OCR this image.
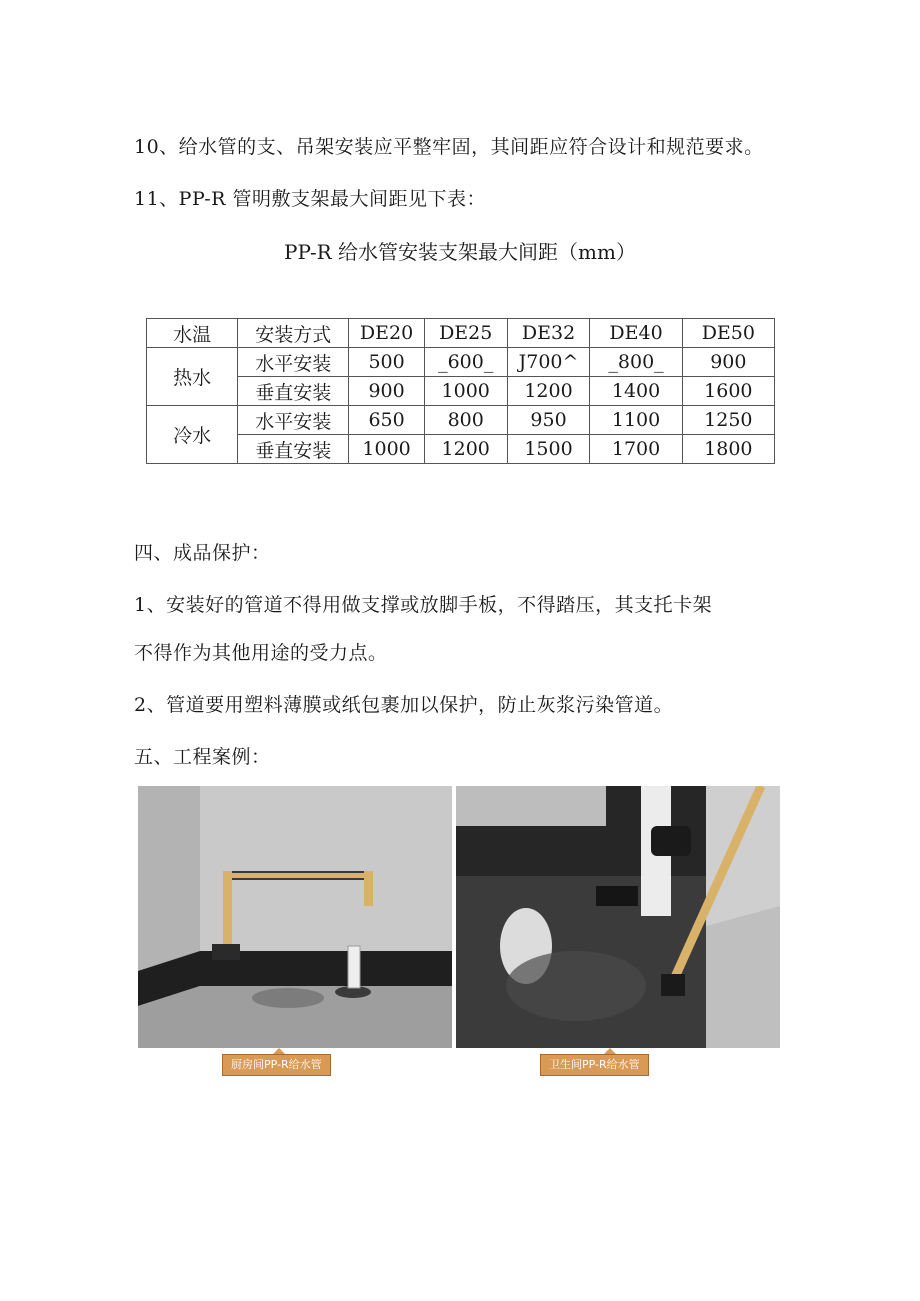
10、给水管的支、吊架安装应平整牢固，其间距应符合设计和规范要求。
11、PP-R 管明敷支架最大间距见下表：
PP-R 给水管安装支架最大间距（mm）
水温	安装方式	DE20	DE25	DE32	DE40	DE50
热水	水平安装	500	_600_	J700^	_800_	900
	垂直安装	900	1000	1200	1400	1600
冷水	水平安装	650	800	950	1100	1250
	垂直安装	1000	1200	1500	1700	1800
四、成品保护：
1、安装好的管道不得用做支撑或放脚手板，不得踏压，其支托卡架
不得作为其他用途的受力点。
2、管道要用塑料薄膜或纸包裹加以保护，防止灰浆污染管道。
五、工程案例：
厨房间PP-R给水管	卫生间PP-R给水管
